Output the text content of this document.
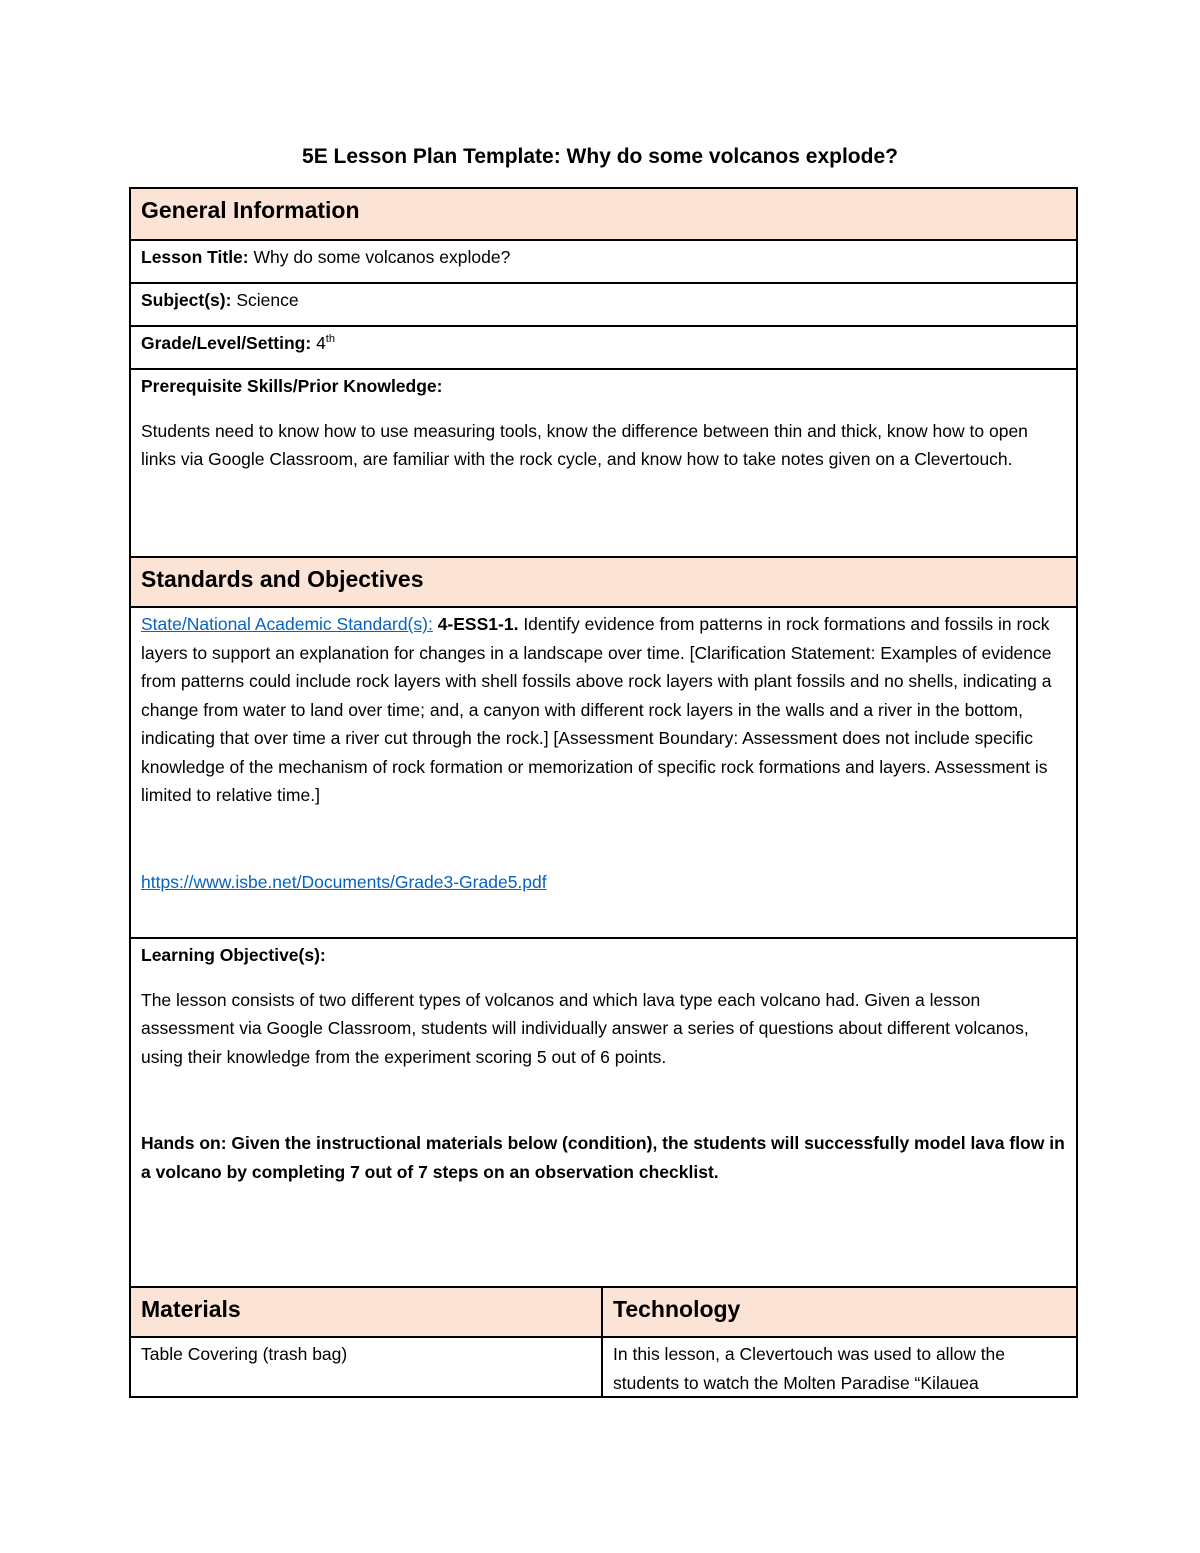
5E Lesson Plan Template: Why do some volcanos explode?
General Information	
Lesson Title: Why do some volcanos explode?	
Subject(s): Science	
Grade/Level/Setting: 4th

Prerequisite Skills/Prior Knowledge:

Students need to know how to use measuring tools, know the difference between thin and thick, know how to open links via Google Classroom, are familiar with the rock cycle, and know how to take notes given on a Clevertouch.	

Standards and Objectives	

State/National Academic Standard(s): 4-ESS1-1. Identify evidence from patterns in rock formations and fossils in rock layers to support an explanation for changes in a landscape over time. [Clarification Statement: Examples of evidence from patterns could include rock layers with shell fossils above rock layers with plant fossils and no shells, indicating a change from water to land over time; and, a canyon with different rock layers in the walls and a river in the bottom, indicating that over time a river cut through the rock.] [Assessment Boundary: Assessment does not include specific knowledge of the mechanism of rock formation or memorization of specific rock formations and layers. Assessment is limited to relative time.]

https://www.isbe.net/Documents/Grade3-Grade5.pdf	

Learning Objective(s):

The lesson consists of two different types of volcanos and which lava type each volcano had. Given a lesson assessment via Google Classroom, students will individually answer a series of questions about different volcanos, using their knowledge from the experiment scoring 5 out of 6 points.

Hands on: Given the instructional materials below (condition), the students will successfully model lava flow in a volcano by completing 7 out of 7 steps on an observation checklist.	

Materials	Technology

Table Covering (trash bag)	In this lesson, a Clevertouch was used to allow the students to watch the Molten Paradise “Kilauea
